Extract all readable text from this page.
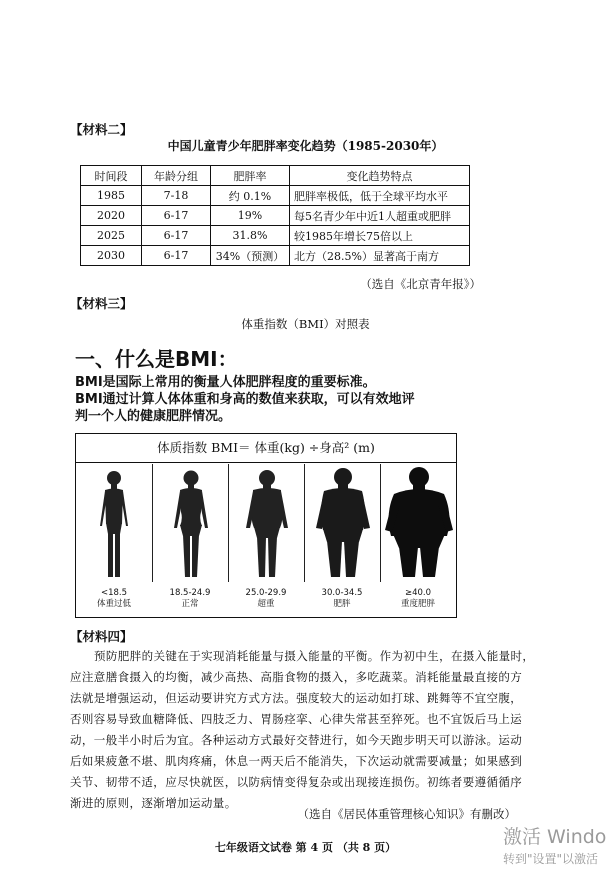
【材料二】
中国儿童青少年肥胖率变化趋势（1985-2030年）
时间段	年龄分组	肥胖率	变化趋势特点
1985	7-18	约 0.1%	肥胖率极低，低于全球平均水平
2020	6-17	19%	每5名青少年中近1人超重或肥胖
2025	6-17	31.8%	较1985年增长75倍以上
2030	6-17	34%（预测）	北方（28.5%）显著高于南方
（选自《北京青年报》）
【材料三】
体重指数（BMI）对照表
一、什么是BMI：
BMI是国际上常用的衡量人体肥胖程度的重要标准。
BMI通过计算人体体重和身高的数值来获取，可以有效地评
判一个人的健康肥胖情况。
体质指数 BMI＝ 体重(kg) ÷身高² (m)
<18.5
体重过低
18.5-24.9
正常
25.0-29.9
超重
30.0-34.5
肥胖
≥40.0
重度肥胖
【材料四】
预防肥胖的关键在于实现消耗能量与摄入能量的平衡。作为初中生，在摄入能量时，
应注意膳食摄入的均衡，减少高热、高脂食物的摄入，多吃蔬菜。消耗能量最直接的方
法就是增强运动，但运动要讲究方式方法。强度较大的运动如打球、跳舞等不宜空腹，
否则容易导致血糖降低、四肢乏力、胃肠痉挛、心律失常甚至猝死。也不宜饭后马上运
动，一般半小时后为宜。各种运动方式最好交替进行，如今天跑步明天可以游泳。运动
后如果疲惫不堪、肌肉疼痛，休息一两天后不能消失，下次运动就需要减量；如果感到
关节、韧带不适，应尽快就医，以防病情变得复杂或出现接连损伤。初练者要遵循循序
渐进的原则，逐渐增加运动量。
（选自《居民体重管理核心知识》有删改）
七年级语文试卷 第 4 页 （共 8 页）	激活 Windo
转到"设置"以激活
